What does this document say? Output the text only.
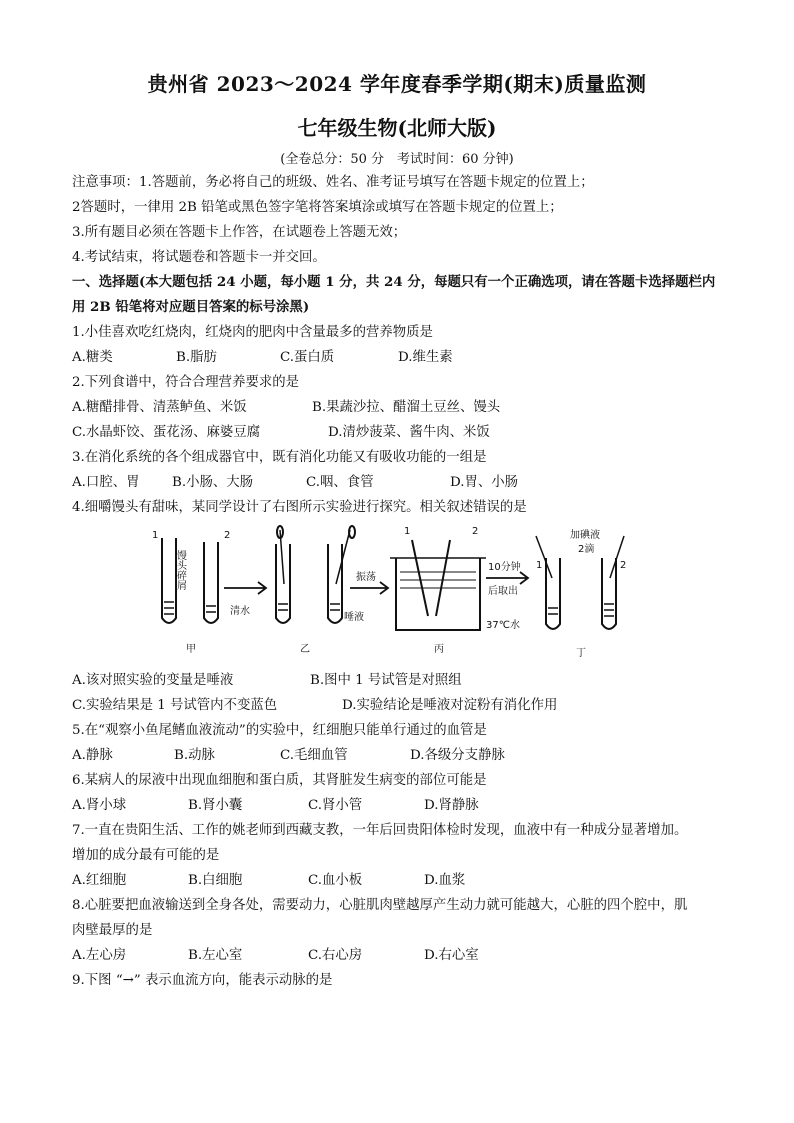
贵州省 2023～2024 学年度春季学期(期末)质量监测
七年级生物(北师大版)
(全卷总分：50 分　考试时间：60 分钟)
注意事项：1.答题前，务必将自己的班级、姓名、准考证号填写在答题卡规定的位置上；
2答题时，一律用 2B 铅笔或黑色签字笔将答案填涂或填写在答题卡规定的位置上；
3.所有题目必须在答题卡上作答，在试题卷上答题无效；
4.考试结束，将试题卷和答题卡一并交回。
一、选择题(本大题包括 24 小题，每小题 1 分，共 24 分，每题只有一个正确选项，请在答题卡选择题栏内用 2B 铅笔将对应题目答案的标号涂黑)
1.小佳喜欢吃红烧肉，红烧肉的肥肉中含量最多的营养物质是
A.糖类	B.脂肪	C.蛋白质	D.维生素
2.下列食谱中，符合合理营养要求的是
A.糖醋排骨、清蒸鲈鱼、米饭	B.果蔬沙拉、醋溜土豆丝、馒头
C.水晶虾饺、蛋花汤、麻婆豆腐	D.清炒菠菜、酱牛肉、米饭
3.在消化系统的各个组成器官中，既有消化功能又有吸收功能的一组是
A.口腔、胃	B.小肠、大肠	C.咽、食管	D.胃、小肠
4.细嚼馒头有甜味，某同学设计了右图所示实验进行探究。相关叙述错误的是
1	2
馒头碎屑
甲
清水
唾液
乙
振荡
1	2
37℃水
丙
10分钟
后取出
加碘液
2滴
1	2
丁
A.该对照实验的变量是唾液	B.图中 1 号试管是对照组
C.实验结果是 1 号试管内不变蓝色	D.实验结论是唾液对淀粉有消化作用
5.在“观察小鱼尾鳍血液流动”的实验中，红细胞只能单行通过的血管是
A.静脉	B.动脉	C.毛细血管	D.各级分支静脉
6.某病人的尿液中出现血细胞和蛋白质，其肾脏发生病变的部位可能是
A.肾小球	B.肾小囊	C.肾小管	D.肾静脉
7.一直在贵阳生活、工作的姚老师到西藏支教，一年后回贵阳体检时发现，血液中有一种成分显著增加。
增加的成分最有可能的是
A.红细胞	B.白细胞	C.血小板	D.血浆
8.心脏要把血液输送到全身各处，需要动力，心脏肌肉壁越厚产生动力就可能越大，心脏的四个腔中，肌
肉壁最厚的是
A.左心房	B.左心室	C.右心房	D.右心室
9.下图 “→” 表示血流方向，能表示动脉的是
